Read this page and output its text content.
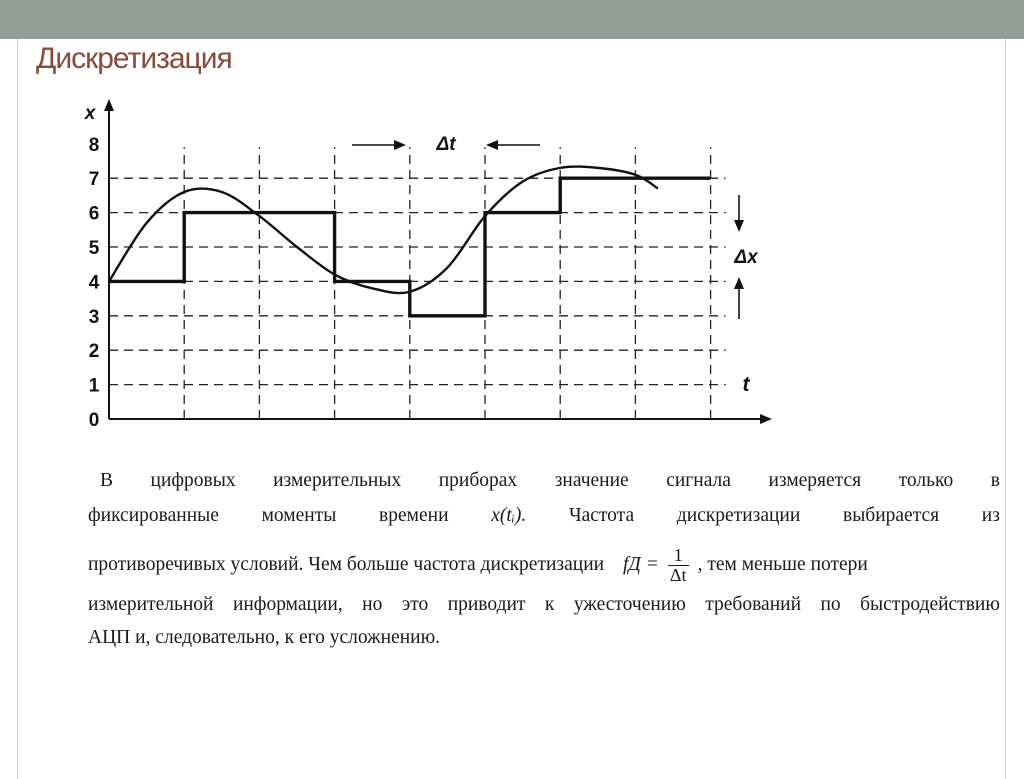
Дискретизация
0
1
2
3
4
5
6
7
8
x
t
Δt
Δx
В цифровых измерительных приборах значение сигнала измеряется только в
фиксированные моменты времени x(tᵢ). Частота дискретизации выбирается из
противоречивых условий. Чем больше частота дискретизации fД = $\frac{1}{\Delta t}$ , тем меньше потери
измерительной информации, но это приводит к ужесточению требований по быстродействию
АЦП и, следовательно, к его усложнению.
